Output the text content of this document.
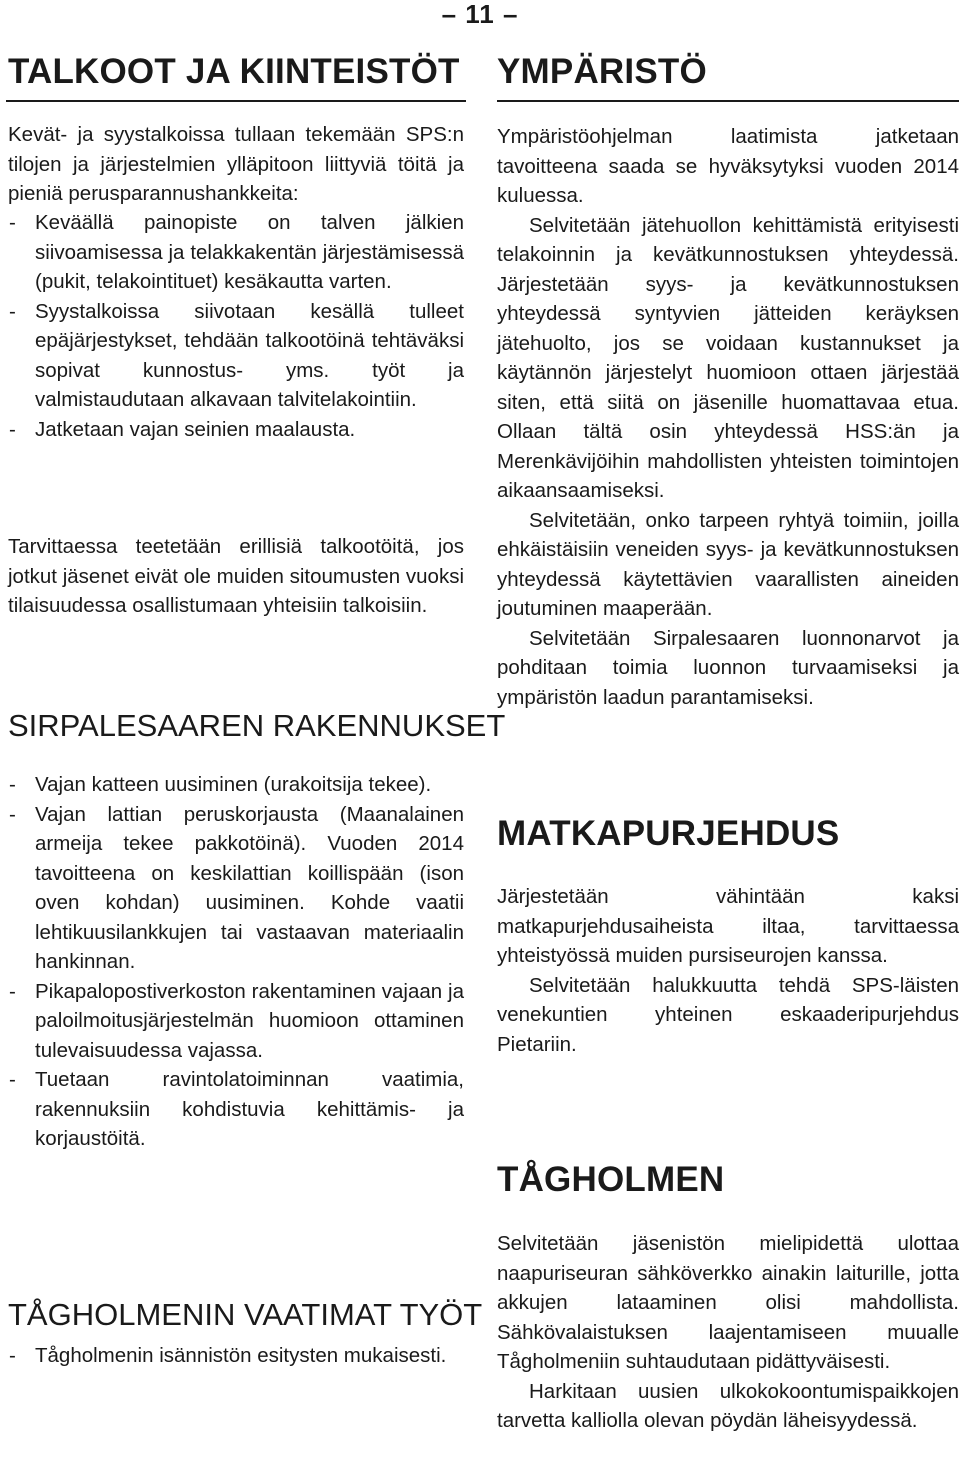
– 11 –
TALKOOT JA KIINTEISTÖT

Kevät- ja syystalkoissa tullaan tekemään SPS:n tilojen ja järjestelmien ylläpitoon liittyviä töitä ja pieniä perusparannushankkeita:

- Keväällä painopiste on talven jälkien siivoamisessa ja telakkakentän järjestämisessä (pukit, telakointituet) kesäkautta varten.
- Syystalkoissa siivotaan kesällä tulleet epäjärjestykset, tehdään talkootöinä tehtäväksi sopivat kunnostus- yms. työt ja valmistaudutaan alkavaan talvitelakointiin.
- Jatketaan vajan seinien maalausta.

Tarvittaessa teetetään erillisiä talkootöitä, jos jotkut jäsenet eivät ole muiden sitoumusten vuoksi tilaisuudessa osallistumaan yhteisiin talkoisiin.

SIRPALESAAREN RAKENNUKSET
- Vajan katteen uusiminen (urakoitsija tekee).
- Vajan lattian peruskorjausta (Maanalainen armeija tekee pakkotöinä). Vuoden 2014 tavoitteena on keskilattian koillispään (ison oven kohdan) uusiminen. Kohde vaatii lehtikuusilankkujen tai vastaavan materiaalin hankinnan.
- Pikapalopostiverkoston rakentaminen vajaan ja paloilmoitusjärjestelmän huomioon ottaminen tulevaisuudessa vajassa.
- Tuetaan ravintolatoiminnan vaatimia, rakennuksiin kohdistuvia kehittämis- ja korjaustöitä.
TÅGHOLMENIN VAATIMAT TYÖT
- Tågholmenin isännistön esitysten mukaisesti.
YMPÄRISTÖ

Ympäristöohjelman laatimista jatketaan tavoitteena saada se hyväksytyksi vuoden 2014 kuluessa.

Selvitetään jätehuollon kehittämistä erityisesti telakoinnin ja kevätkunnostuksen yhteydessä. Järjestetään syys- ja kevätkunnostuksen yhteydessä syntyvien jätteiden keräyksen jätehuolto, jos se voidaan kustannukset ja käytännön järjestelyt huomioon ottaen järjestää siten, että siitä on jäsenille huomattavaa etua. Ollaan tältä osin yhteydessä HSS:än ja Merenkävijöihin mahdollisten yhteisten toimintojen aikaansaamiseksi.

Selvitetään, onko tarpeen ryhtyä toimiin, joilla ehkäistäisiin veneiden syys- ja kevätkunnostuksen yhteydessä käytettävien vaarallisten aineiden joutuminen maaperään.

Selvitetään Sirpalesaaren luonnonarvot ja pohditaan toimia luonnon turvaamiseksi ja ympäristön laadun parantamiseksi.

MATKAPURJEHDUS

Järjestetään vähintään kaksi matkapurjehdusaiheista iltaa, tarvittaessa yhteistyössä muiden pursiseurojen kanssa.

Selvitetään halukkuutta tehdä SPS-läisten venekuntien yhteinen eskaaderipurjehdus Pietariin.

TÅGHOLMEN

Selvitetään jäsenistön mielipidettä ulottaa naapuriseuran sähköverkko ainakin laiturille, jotta akkujen lataaminen olisi mahdollista. Sähkövalaistuksen laajentamiseen muualle Tågholmeniin suhtaudutaan pidättyväisesti.

Harkitaan uusien ulkokokoontumispaikkojen tarvetta kalliolla olevan pöydän läheisyydessä.
